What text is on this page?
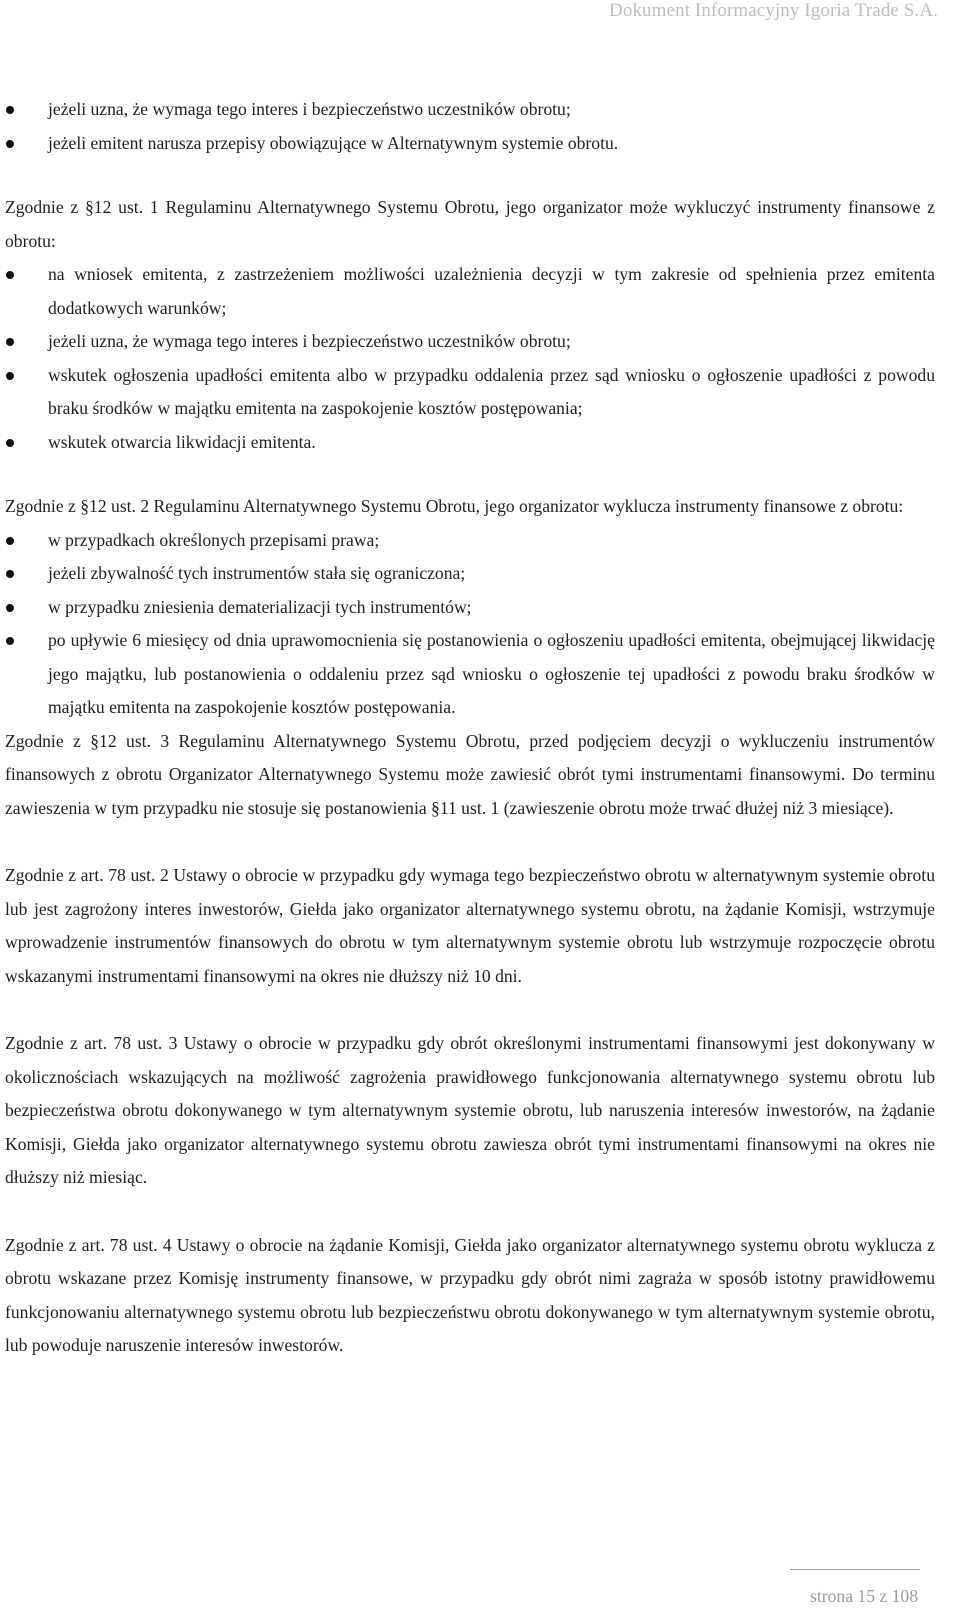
Dokument Informacyjny Igoria Trade S.A.
jeżeli uzna, że wymaga tego interes i bezpieczeństwo uczestników obrotu;
jeżeli emitent narusza przepisy obowiązujące w Alternatywnym systemie obrotu.

Zgodnie z §12 ust. 1 Regulaminu Alternatywnego Systemu Obrotu, jego organizator może wykluczyć instrumenty finansowe z obrotu:

na wniosek emitenta, z zastrzeżeniem możliwości uzależnienia decyzji w tym zakresie od spełnienia przez emitenta dodatkowych warunków;
jeżeli uzna, że wymaga tego interes i bezpieczeństwo uczestników obrotu;
wskutek ogłoszenia upadłości emitenta albo w przypadku oddalenia przez sąd wniosku o ogłoszenie upadłości z powodu braku środków w majątku emitenta na zaspokojenie kosztów postępowania;
wskutek otwarcia likwidacji emitenta.

Zgodnie z §12 ust. 2 Regulaminu Alternatywnego Systemu Obrotu, jego organizator wyklucza instrumenty finansowe z obrotu:

w przypadkach określonych przepisami prawa;
jeżeli zbywalność tych instrumentów stała się ograniczona;
w przypadku zniesienia dematerializacji tych instrumentów;
po upływie 6 miesięcy od dnia uprawomocnienia się postanowienia o ogłoszeniu upadłości emitenta, obejmującej likwidację jego majątku, lub postanowienia o oddaleniu przez sąd wniosku o ogłoszenie tej upadłości z powodu braku środków w majątku emitenta na zaspokojenie kosztów postępowania.

Zgodnie z §12 ust. 3 Regulaminu Alternatywnego Systemu Obrotu, przed podjęciem decyzji o wykluczeniu instrumentów finansowych z obrotu Organizator Alternatywnego Systemu może zawiesić obrót tymi instrumentami finansowymi. Do terminu zawieszenia w tym przypadku nie stosuje się postanowienia §11 ust. 1 (zawieszenie obrotu może trwać dłużej niż 3 miesiące).

Zgodnie z art. 78 ust. 2 Ustawy o obrocie w przypadku gdy wymaga tego bezpieczeństwo obrotu w alternatywnym systemie obrotu lub jest zagrożony interes inwestorów, Giełda jako organizator alternatywnego systemu obrotu, na żądanie Komisji, wstrzymuje wprowadzenie instrumentów finansowych do obrotu w tym alternatywnym systemie obrotu lub wstrzymuje rozpoczęcie obrotu wskazanymi instrumentami finansowymi na okres nie dłuższy niż 10 dni.

Zgodnie z art. 78 ust. 3 Ustawy o obrocie w przypadku gdy obrót określonymi instrumentami finansowymi jest dokonywany w okolicznościach wskazujących na możliwość zagrożenia prawidłowego funkcjonowania alternatywnego systemu obrotu lub bezpieczeństwa obrotu dokonywanego w tym alternatywnym systemie obrotu, lub naruszenia interesów inwestorów, na żądanie Komisji, Giełda jako organizator alternatywnego systemu obrotu zawiesza obrót tymi instrumentami finansowymi na okres nie dłuższy niż miesiąc.

Zgodnie z art. 78 ust. 4 Ustawy o obrocie na żądanie Komisji, Giełda jako organizator alternatywnego systemu obrotu wyklucza z obrotu wskazane przez Komisję instrumenty finansowe, w przypadku gdy obrót nimi zagraża w sposób istotny prawidłowemu funkcjonowaniu alternatywnego systemu obrotu lub bezpieczeństwu obrotu dokonywanego w tym alternatywnym systemie obrotu, lub powoduje naruszenie interesów inwestorów.

strona 15 z 108
